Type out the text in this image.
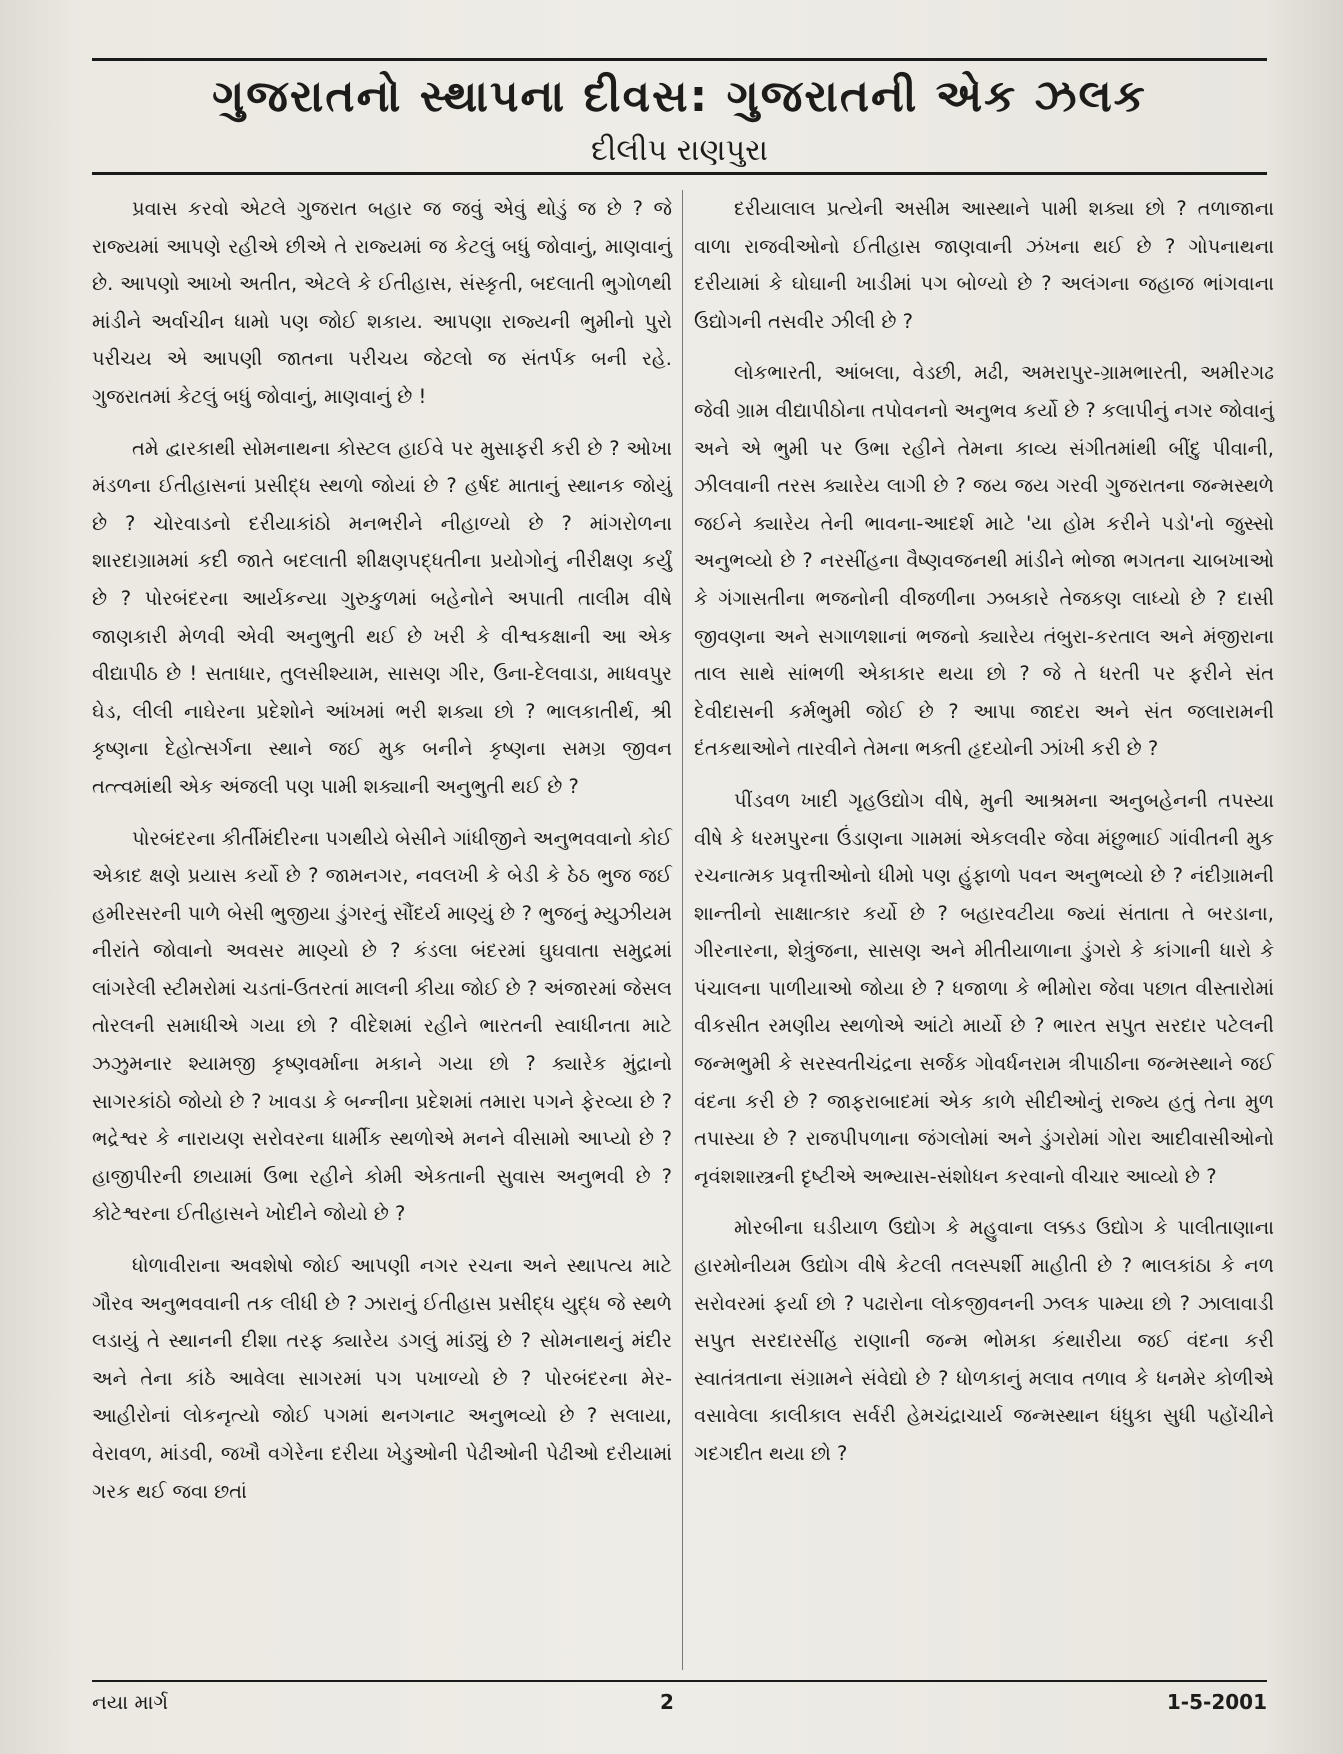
ગુજરાતનો સ્થાપના દીવસ: ગુજરાતની એક ઝલક
દીલીપ રાણપુરા

પ્રવાસ કરવો એટલે ગુજરાત બહાર જ જવું એવું થોડું જ છે ? જે રાજ્યમાં આપણે રહીએ છીએ તે રાજ્યમાં જ કેટલું બધું જોવાનું, માણવાનું છે. આપણો આખો અતીત, એટલે કે ઈતીહાસ, સંસ્કૃતી, બદલાતી ભુગોળથી માંડીને અર્વાચીન ધામો પણ જોઈ શકાય. આપણા રાજ્યની ભુમીનો પુરો પરીચય એ આપણી જાતના પરીચય જેટલો જ સંતર્પક બની રહે. ગુજરાતમાં કેટલું બધું જોવાનું, માણવાનું છે !

તમે દ્વારકાથી સોમનાથના કોસ્ટલ હાઈવે પર મુસાફરી કરી છે ? ઓખા મંડળના ઈતીહાસનાં પ્રસીદ્ધ સ્થળો જોયાં છે ? હર્ષદ માતાનું સ્થાનક જોયું છે ? ચોરવાડનો દરીયાકાંઠો મનભરીને નીહાળ્યો છે ? માંગરોળના શારદાગ્રામમાં કદી જાતે બદલાતી શીક્ષણપદ્ધતીના પ્રયોગોનું નીરીક્ષણ કર્યું છે ? પોરબંદરના આર્યકન્યા ગુરુકુળમાં બહેનોને અપાતી તાલીમ વીષે જાણકારી મેળવી એવી અનુભુતી થઈ છે ખરી કે વીશ્વકક્ષાની આ એક વીદ્યાપીઠ છે ! સતાધાર, તુલસીશ્યામ, સાસણ ગીર, ઉના-દેલવાડા, માધવપુર ઘેડ, લીલી નાઘેરના પ્રદેશોને આંખમાં ભરી શક્યા છો ? ભાલકાતીર્થ, શ્રી કૃષ્ણના દેહોત્સર્ગના સ્થાને જઈ મુક બનીને કૃષ્ણના સમગ્ર જીવન તત્ત્વમાંથી એક અંજલી પણ પામી શક્યાની અનુભુતી થઈ છે ?

પોરબંદરના કીર્તીમંદીરના પગથીયે બેસીને ગાંધીજીને અનુભવવાનો કોઈ એકાદ ક્ષણે પ્રયાસ કર્યો છે ? જામનગર, નવલખી કે બેડી કે ઠેઠ ભુજ જઈ હમીરસરની પાળે બેસી ભુજીયા ડુંગરનું સૌંદર્ય માણ્યું છે ? ભુજનું મ્યુઝીયમ નીરાંતે જોવાનો અવસર માણ્યો છે ? કંડલા બંદરમાં ઘુઘવાતા સમુદ્રમાં લાંગરેલી સ્ટીમરોમાં ચડતાં-ઉતરતાં માલની કીયા જોઈ છે ? અંજારમાં જેસલ તોરલની સમાધીએ ગયા છો ? વીદેશમાં રહીને ભારતની સ્વાધીનતા માટે ઝઝુમનાર શ્યામજી કૃષ્ણવર્માના મકાને ગયા છો ? ક્યારેક મુંદ્રાનો સાગરકાંઠો જોયો છે ? ખાવડા કે બન્નીના પ્રદેશમાં તમારા પગને ફેરવ્યા છે ? ભદ્રેશ્વર કે નારાયણ સરોવરના ધાર્મીક સ્થળોએ મનને વીસામો આપ્યો છે ? હાજીપીરની છાયામાં ઉભા રહીને કોમી એકતાની સુવાસ અનુભવી છે ? કોટેશ્વરના ઈતીહાસને ખોદીને જોયો છે ?

ધોળાવીરાના અવશેષો જોઈ આપણી નગર રચના અને સ્થાપત્ય માટે ગૌરવ અનુભવવાની તક લીધી છે ? ઝારાનું ઈતીહાસ પ્રસીદ્ધ યુદ્ધ જે સ્થળે લડાયું તે સ્થાનની દીશા તરફ ક્યારેય ડગલું માંડ્યું છે ? સોમનાથનું મંદીર અને તેના કાંઠે આવેલા સાગરમાં પગ પખાળ્યો છે ? પોરબંદરના મેર-આહીરોનાં લોકનૃત્યો જોઈ પગમાં થનગનાટ અનુભવ્યો છે ? સલાયા, વેરાવળ, માંડવી, જખૌ વગેરેના દરીયા ખેડુઓની પેઢીઓની પેઢીઓ દરીયામાં ગરક થઈ જવા છતાં

દરીયાલાલ પ્રત્યેની અસીમ આસ્થાને પામી શક્યા છો ? તળાજાના વાળા રાજવીઓનો ઈતીહાસ જાણવાની ઝંખના થઈ છે ? ગોપનાથના દરીયામાં કે ઘોઘાની ખાડીમાં પગ બોળ્યો છે ? અલંગના જહાજ ભાંગવાના ઉદ્યોગની તસવીર ઝીલી છે ?

લોકભારતી, આંબલા, વેડછી, મઢી, અમરાપુર-ગ્રામભારતી, અમીરગઢ જેવી ગ્રામ વીદ્યાપીઠોના તપોવનનો અનુભવ કર્યો છે ? કલાપીનું નગર જોવાનું અને એ ભુમી પર ઉભા રહીને તેમના કાવ્ય સંગીતમાંથી બીંદુ પીવાની, ઝીલવાની તરસ ક્યારેય લાગી છે ? જય જય ગરવી ગુજરાતના જન્મસ્થળે જઈને ક્યારેય તેની ભાવના-આદર્શ માટે 'યા હોમ કરીને પડો'નો જુસ્સો અનુભવ્યો છે ? નરસીંહના વૈષ્ણવજનથી માંડીને ભોજા ભગતના ચાબખાઓ કે ગંગાસતીના ભજનોની વીજળીના ઝબકારે તેજકણ લાધ્યો છે ? દાસી જીવણના અને સગાળશાનાં ભજનો ક્યારેય તંબુરા-કરતાલ અને મંજીરાના તાલ સાથે સાંભળી એકાકાર થયા છો ? જે તે ધરતી પર ફરીને સંત દેવીદાસની કર્મભુમી જોઈ છે ? આપા જાદરા અને સંત જલારામની દંતકથાઓને તારવીને તેમના ભક્તી હૃદયોની ઝાંખી કરી છે ?

પીંડવળ ખાદી ગૃહઉદ્યોગ વીષે, મુની આશ્રમના અનુબહેનની તપસ્યા વીષે કે ધરમપુરના ઉંડાણના ગામમાં એકલવીર જેવા મંછુભાઈ ગાંવીતની મુક રચનાત્મક પ્રવૃત્તીઓનો ધીમો પણ હુંફાળો પવન અનુભવ્યો છે ? નંદીગ્રામની શાન્તીનો સાક્ષાત્કાર કર્યો છે ? બહારવટીયા જ્યાં સંતાતા તે બરડાના, ગીરનારના, શેત્રુંજના, સાસણ અને મીતીયાળાના ડુંગરો કે કાંગાની ધારો કે પંચાલના પાળીયાઓ જોયા છે ? ધજાળા કે ભીમોરા જેવા પછાત વીસ્તારોમાં વીકસીત રમણીય સ્થળોએ આંટો માર્યો છે ? ભારત સપુત સરદાર પટેલની જન્મભુમી કે સરસ્વતીચંદ્રના સર્જક ગોવર્ધનરામ ત્રીપાઠીના જન્મસ્થાને જઈ વંદના કરી છે ? જાફરાબાદમાં એક કાળે સીદીઓનું રાજ્ય હતું તેના મુળ તપાસ્યા છે ? રાજપીપળાના જંગલોમાં અને ડુંગરોમાં ગોરા આદીવાસીઓનો નૃવંશશાસ્ત્રની દૃષ્ટીએ અભ્યાસ-સંશોધન કરવાનો વીચાર આવ્યો છે ?

મોરબીના ઘડીયાળ ઉદ્યોગ કે મહુવાના લક્કડ ઉદ્યોગ કે પાલીતાણાના હારમોનીયમ ઉદ્યોગ વીષે કેટલી તલસ્પર્શી માહીતી છે ? ભાલકાંઠા કે નળ સરોવરમાં ફર્યા છો ? પઢારોના લોકજીવનની ઝલક પામ્યા છો ? ઝાલાવાડી સપુત સરદારસીંહ રાણાની જન્મ ભોમકા કંથારીયા જઈ વંદના કરી સ્વાતંત્રતાના સંગ્રામને સંવેદ્યો છે ? ધોળકાનું મલાવ તળાવ કે ધનમેર કોળીએ વસાવેલા કાલીકાલ સર્વરી હેમચંદ્રાચાર્ય જન્મસ્થાન ધંધુકા સુધી પહોંચીને ગદગદીત થયા છો ?

નયા માર્ગ	2	1-5-2001
